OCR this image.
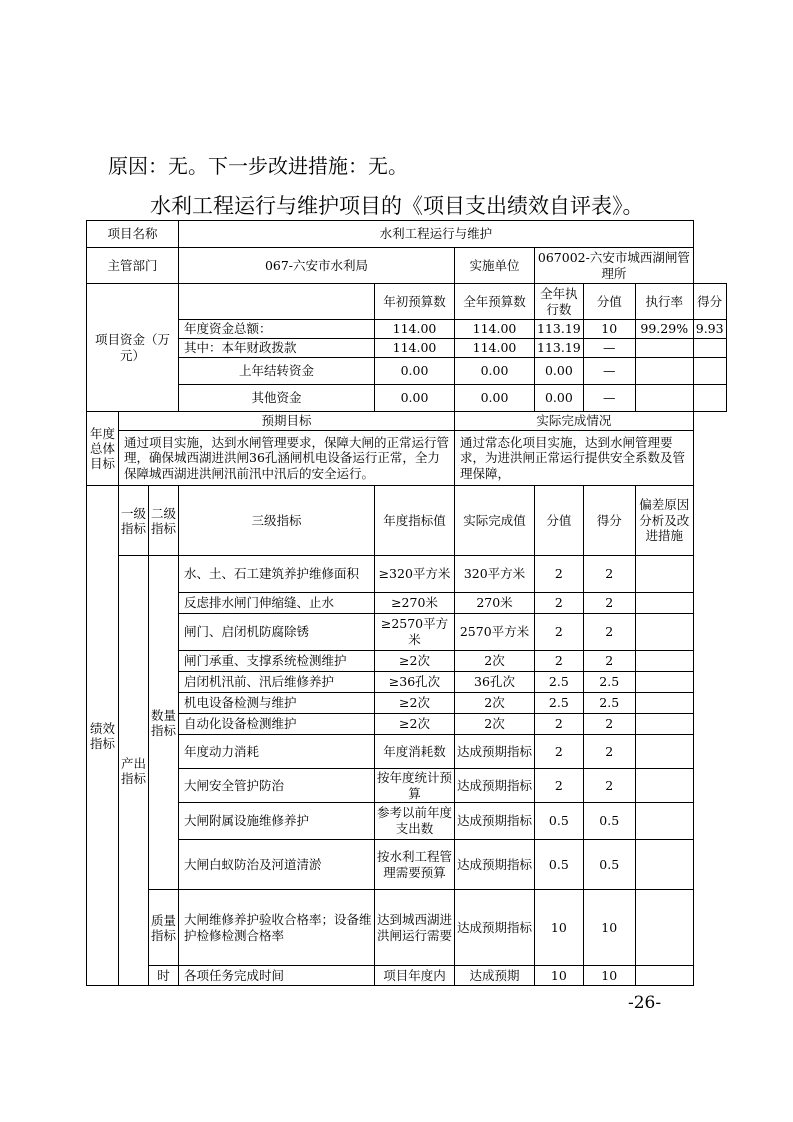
原因：无。下一步改进措施：无。
水利工程运行与维护项目的《项目支出绩效自评表》。
项目名称			水利工程运行与维护						
主管部门			067-六安市水利局		实施单位	067002-六安市城西湖闸管理所			
项目资金（万元）				年初预算数	全年预算数	全年执行数	分值	执行率	得分
			年度资金总额：	114.00	114.00	113.19	10	99.29%	9.93
			其中：本年财政拨款	114.00	114.00	113.19	—		
			上年结转资金	0.00	0.00	0.00	—		
			其他资金	0.00	0.00	0.00	—		
年度总体目标	预期目标				实际完成情况				
	通过项目实施，达到水闸管理要求，保障大闸的正常运行管理，确保城西湖进洪闸36孔涵闸机电设备运行正常，全力保障城西湖进洪闸汛前汛中汛后的安全运行。				通过常态化项目实施，达到水闸管理要求，为进洪闸正常运行提供安全系数及管理保障，				
绩效指标	一级指标	二级指标	三级指标	年度指标值	实际完成值	分值	得分	偏差原因分析及改进措施	
	产出指标	数量指标	水、土、石工建筑养护维修面积	≥320平方米	320平方米	2	2		
			反虑排水闸门伸缩缝、止水	≥270米	270米	2	2		
			闸门、启闭机防腐除锈	≥2570平方米	2570平方米	2	2		
			闸门承重、支撑系统检测维护	≥2次	2次	2	2		
			启闭机汛前、汛后维修养护	≥36孔次	36孔次	2.5	2.5		
			机电设备检测与维护	≥2次	2次	2.5	2.5		
			自动化设备检测维护	≥2次	2次	2	2		
			年度动力消耗	年度消耗数	达成预期指标	2	2		
			大闸安全管护防治	按年度统计预算	达成预期指标	2	2		
			大闸附属设施维修养护	参考以前年度支出数	达成预期指标	0.5	0.5		
			大闸白蚁防治及河道清淤	按水利工程管理需要预算	达成预期指标	0.5	0.5		
		质量指标	大闸维修养护验收合格率；设备维护检修检测合格率	达到城西湖进洪闸运行需要	达成预期指标	10	10		
		时	各项任务完成时间	项目年度内	达成预期	10	10		
-26-
